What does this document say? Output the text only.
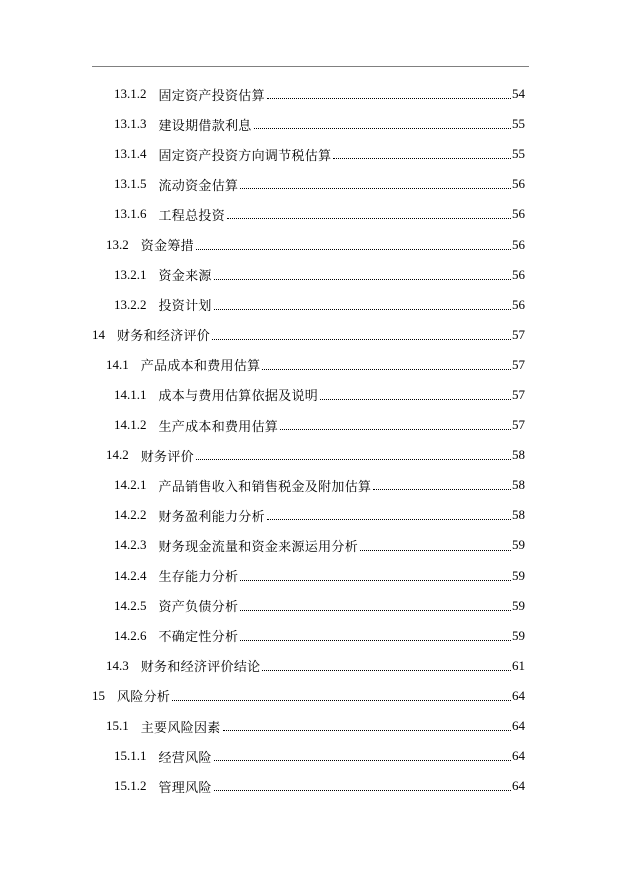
13.1.2 固定资产投资估算	54
13.1.3 建设期借款利息	55
13.1.4 固定资产投资方向调节税估算	55
13.1.5 流动资金估算	56
13.1.6 工程总投资	56
13.2 资金筹措	56
13.2.1 资金来源	56
13.2.2 投资计划	56
14 财务和经济评价	57
14.1 产品成本和费用估算	57
14.1.1 成本与费用估算依据及说明	57
14.1.2 生产成本和费用估算	57
14.2 财务评价	58
14.2.1 产品销售收入和销售税金及附加估算	58
14.2.2 财务盈利能力分析	58
14.2.3 财务现金流量和资金来源运用分析	59
14.2.4 生存能力分析	59
14.2.5 资产负债分析	59
14.2.6 不确定性分析	59
14.3 财务和经济评价结论	61
15 风险分析	64
15.1 主要风险因素	64
15.1.1 经营风险	64
15.1.2 管理风险	64
